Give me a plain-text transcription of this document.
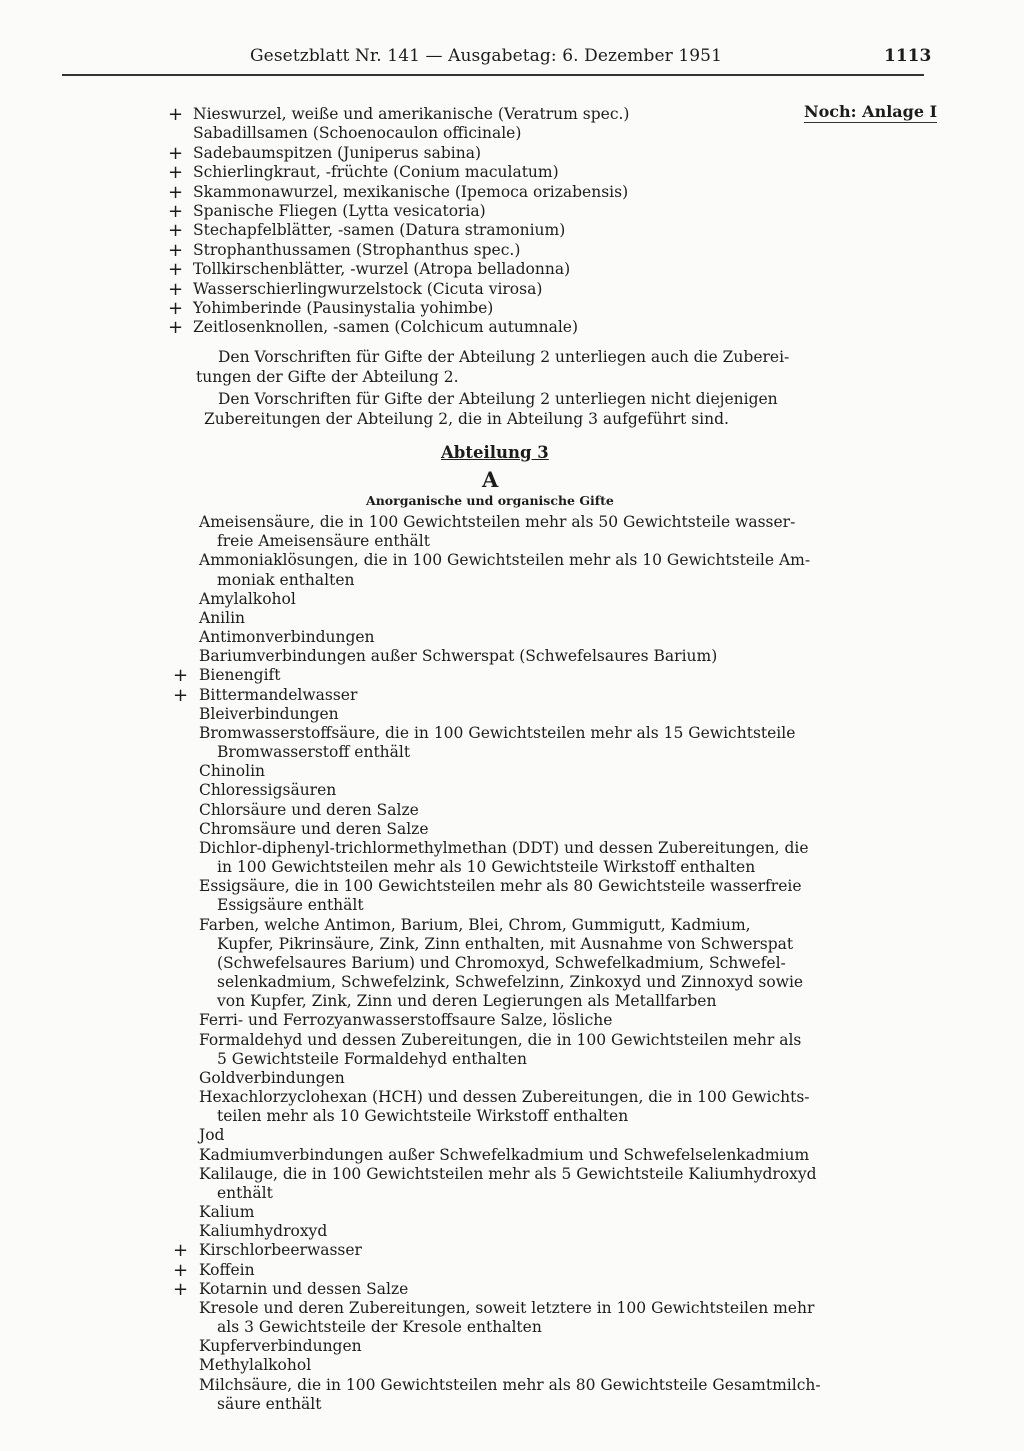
Gesetzblatt Nr. 141 — Ausgabetag: 6. Dezember 1951	1113
Noch: Anlage I
+ Nieswurzel, weiße und amerikanische (Veratrum spec.)
Sabadillsamen (Schoenocaulon officinale)
+ Sadebaumspitzen (Juniperus sabina)
+ Schierlingkraut, -früchte (Conium maculatum)
+ Skammonawurzel, mexikanische (Ipemoca orizabensis)
+ Spanische Fliegen (Lytta vesicatoria)
+ Stechapfelblätter, -samen (Datura stramonium)
+ Strophanthussamen (Strophanthus spec.)
+ Tollkirschenblätter, -wurzel (Atropa belladonna)
+ Wasserschierlingwurzelstock (Cicuta virosa)
+ Yohimberinde (Pausinystalia yohimbe)
+ Zeitlosenknollen, -samen (Colchicum autumnale)
Den Vorschriften für Gifte der Abteilung 2 unterliegen auch die Zuberei-
tungen der Gifte der Abteilung 2.
Den Vorschriften für Gifte der Abteilung 2 unterliegen nicht diejenigen
Zubereitungen der Abteilung 2, die in Abteilung 3 aufgeführt sind.
Abteilung 3
A
Anorganische und organische Gifte
Ameisensäure, die in 100 Gewichtsteilen mehr als 50 Gewichtsteile wasser-
freie Ameisensäure enthält
Ammoniaklösungen, die in 100 Gewichtsteilen mehr als 10 Gewichtsteile Am-
moniak enthalten
Amylalkohol
Anilin
Antimonverbindungen
Bariumverbindungen außer Schwerspat (Schwefelsaures Barium)
+ Bienengift
+ Bittermandelwasser
Bleiverbindungen
Bromwasserstoffsäure, die in 100 Gewichtsteilen mehr als 15 Gewichtsteile
Bromwasserstoff enthält
Chinolin
Chloressigsäuren
Chlorsäure und deren Salze
Chromsäure und deren Salze
Dichlor-diphenyl-trichlormethylmethan (DDT) und dessen Zubereitungen, die
in 100 Gewichtsteilen mehr als 10 Gewichtsteile Wirkstoff enthalten
Essigsäure, die in 100 Gewichtsteilen mehr als 80 Gewichtsteile wasserfreie
Essigsäure enthält
Farben, welche Antimon, Barium, Blei, Chrom, Gummigutt, Kadmium,
Kupfer, Pikrinsäure, Zink, Zinn enthalten, mit Ausnahme von Schwerspat
(Schwefelsaures Barium) und Chromoxyd, Schwefelkadmium, Schwefel-
selenkadmium, Schwefelzink, Schwefelzinn, Zinkoxyd und Zinnoxyd sowie
von Kupfer, Zink, Zinn und deren Legierungen als Metallfarben
Ferri- und Ferrozyanwasserstoffsaure Salze, lösliche
Formaldehyd und dessen Zubereitungen, die in 100 Gewichtsteilen mehr als
5 Gewichtsteile Formaldehyd enthalten
Goldverbindungen
Hexachlorzyclohexan (HCH) und dessen Zubereitungen, die in 100 Gewichts-
teilen mehr als 10 Gewichtsteile Wirkstoff enthalten
Jod
Kadmiumverbindungen außer Schwefelkadmium und Schwefelselenkadmium
Kalilauge, die in 100 Gewichtsteilen mehr als 5 Gewichtsteile Kaliumhydroxyd
enthält
Kalium
Kaliumhydroxyd
+ Kirschlorbeerwasser
+ Koffein
+ Kotarnin und dessen Salze
Kresole und deren Zubereitungen, soweit letztere in 100 Gewichtsteilen mehr
als 3 Gewichtsteile der Kresole enthalten
Kupferverbindungen
Methylalkohol
Milchsäure, die in 100 Gewichtsteilen mehr als 80 Gewichtsteile Gesamtmilch-
säure enthält
